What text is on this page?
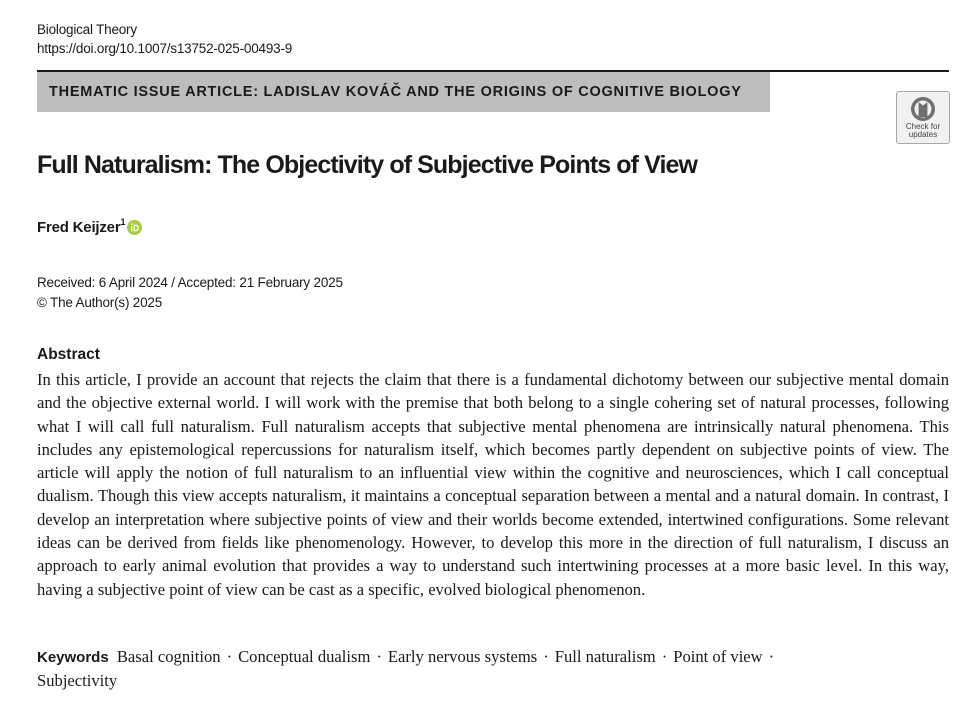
Biological Theory
https://doi.org/10.1007/s13752-025-00493-9
THEMATIC ISSUE ARTICLE: LADISLAV KOVÁČ AND THE ORIGINS OF COGNITIVE BIOLOGY
Check for
updates
Full Naturalism: The Objectivity of Subjective Points of View
Fred Keijzer$^1$
Received: 6 April 2024 / Accepted: 21 February 2025
© The Author(s) 2025
Abstract

In this article, I provide an account that rejects the claim that there is a fundamental dichotomy between our subjective mental domain and the objective external world. I will work with the premise that both belong to a single cohering set of natural processes, following what I will call full naturalism. Full naturalism accepts that subjective mental phenomena are intrinsically natural phenomena. This includes any epistemological repercussions for naturalism itself, which becomes partly dependent on subjective points of view. The article will apply the notion of full naturalism to an influential view within the cognitive and neurosciences, which I call conceptual dualism. Though this view accepts naturalism, it maintains a conceptual separation between a mental and a natural domain. In contrast, I develop an interpretation where subjective points of view and their worlds become extended, intertwined configurations. Some relevant ideas can be derived from fields like phenomenology. However, to develop this more in the direction of full naturalism, I discuss an approach to early animal evolution that provides a way to understand such intertwining processes at a more basic level. In this way, having a subjective point of view can be cast as a specific, evolved biological phenomenon.

Keywords Basal cognition · Conceptual dualism · Early nervous systems · Full naturalism · Point of view ·
Subjectivity
